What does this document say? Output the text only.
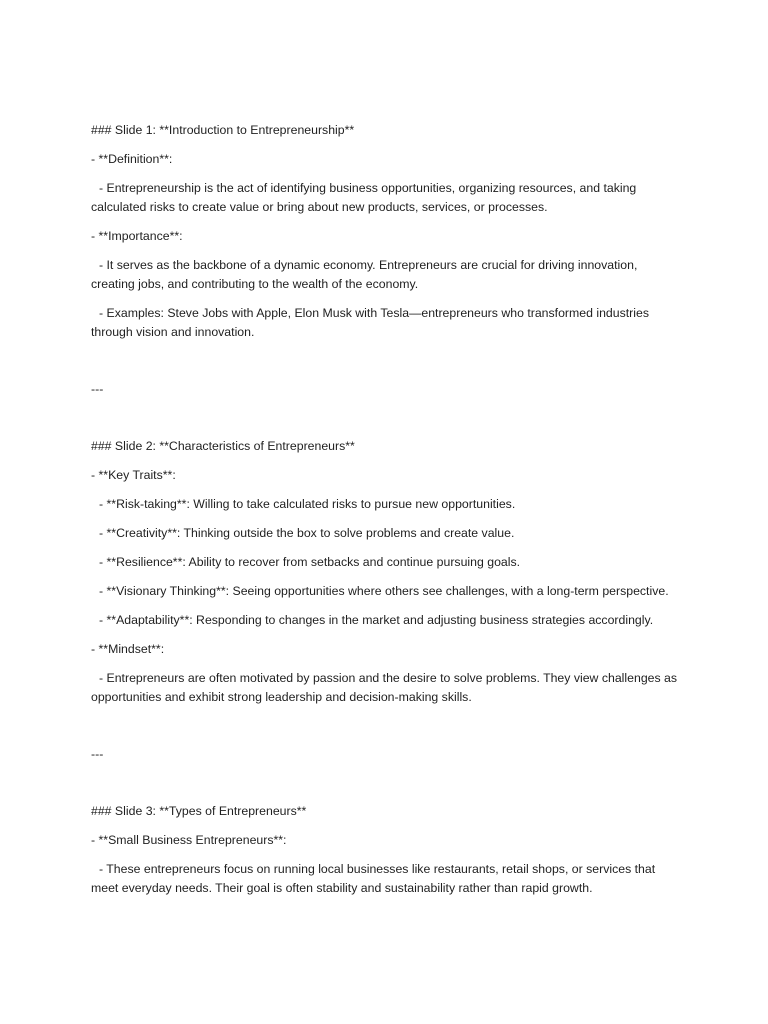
### Slide 1: **Introduction to Entrepreneurship**

- **Definition**:

- Entrepreneurship is the act of identifying business opportunities, organizing resources, and taking calculated risks to create value or bring about new products, services, or processes.

- **Importance**:

- It serves as the backbone of a dynamic economy. Entrepreneurs are crucial for driving innovation, creating jobs, and contributing to the wealth of the economy.

- Examples: Steve Jobs with Apple, Elon Musk with Tesla—entrepreneurs who transformed industries through vision and innovation.

---

### Slide 2: **Characteristics of Entrepreneurs**

- **Key Traits**:

- **Risk-taking**: Willing to take calculated risks to pursue new opportunities.

- **Creativity**: Thinking outside the box to solve problems and create value.

- **Resilience**: Ability to recover from setbacks and continue pursuing goals.

- **Visionary Thinking**: Seeing opportunities where others see challenges, with a long-term perspective.

- **Adaptability**: Responding to changes in the market and adjusting business strategies accordingly.

- **Mindset**:

- Entrepreneurs are often motivated by passion and the desire to solve problems. They view challenges as opportunities and exhibit strong leadership and decision-making skills.

---

### Slide 3: **Types of Entrepreneurs**

- **Small Business Entrepreneurs**:

- These entrepreneurs focus on running local businesses like restaurants, retail shops, or services that meet everyday needs. Their goal is often stability and sustainability rather than rapid growth.
